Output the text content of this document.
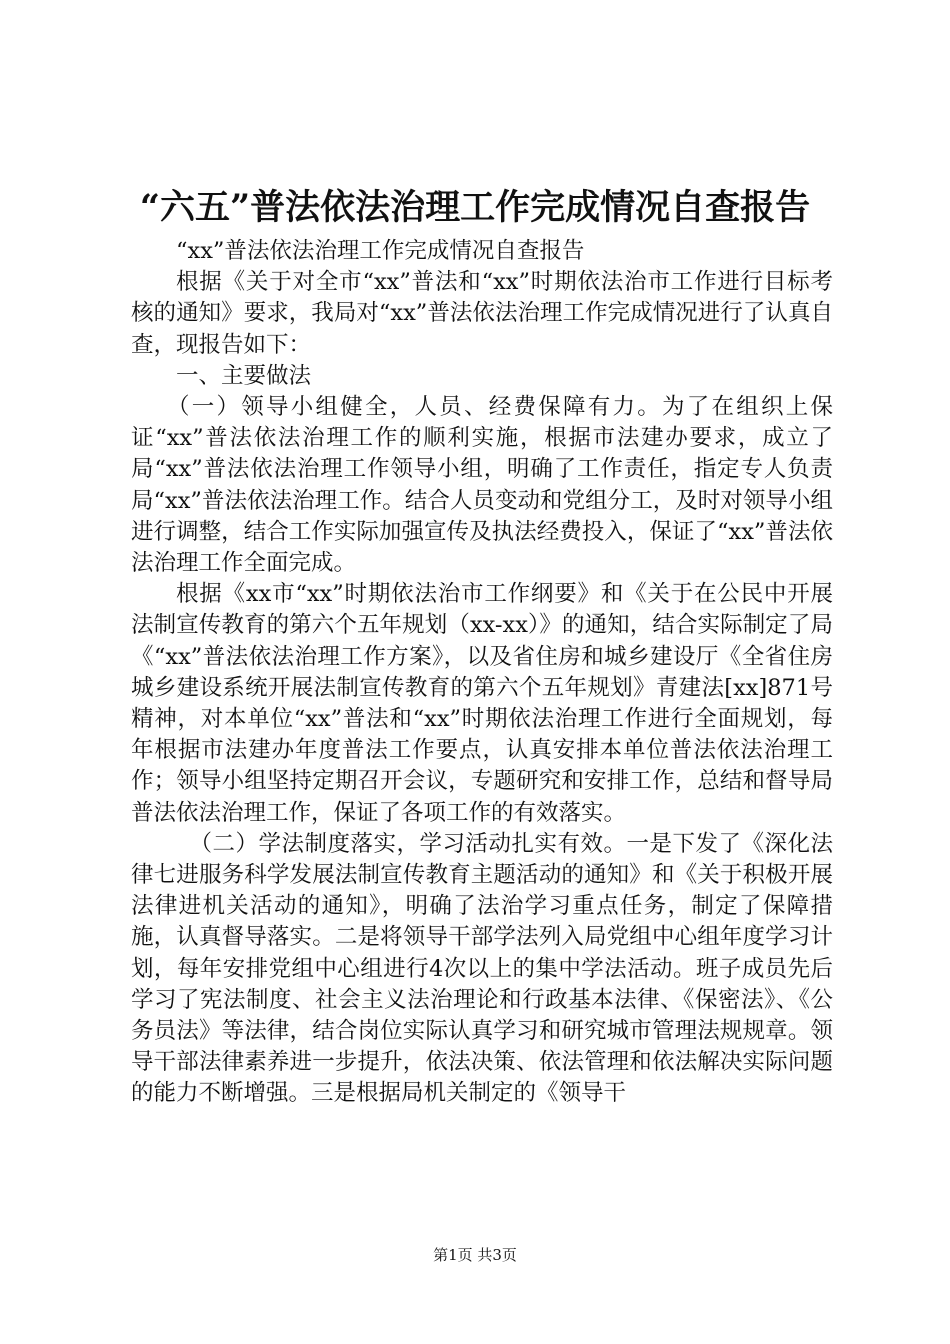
“六五”普法依法治理工作完成情况自查报告

“xx”普法依法治理工作完成情况自查报告

根据《关于对全市“xx”普法和“xx”时期依法治市工作进行目标考核的通知》要求，我局对“xx”普法依法治理工作完成情况进行了认真自查，现报告如下：

一、主要做法

（一）领导小组健全，人员、经费保障有力。为了在组织上保证“xx”普法依法治理工作的顺利实施，根据市法建办要求，成立了局“xx”普法依法治理工作领导小组，明确了工作责任，指定专人负责局“xx”普法依法治理工作。结合人员变动和党组分工，及时对领导小组进行调整，结合工作实际加强宣传及执法经费投入，保证了“xx”普法依法治理工作全面完成。

根据《xx市“xx”时期依法治市工作纲要》和《关于在公民中开展法制宣传教育的第六个五年规划（xx-xx）》的通知，结合实际制定了局《“xx”普法依法治理工作方案》，以及省住房和城乡建设厅《全省住房城乡建设系统开展法制宣传教育的第六个五年规划》青建法[xx]871号精神，对本单位“xx”普法和“xx”时期依法治理工作进行全面规划，每年根据市法建办年度普法工作要点，认真安排本单位普法依法治理工作；领导小组坚持定期召开会议，专题研究和安排工作，总结和督导局普法依法治理工作，保证了各项工作的有效落实。

（二）学法制度落实，学习活动扎实有效。一是下发了《深化法律七进服务科学发展法制宣传教育主题活动的通知》和《关于积极开展法律进机关活动的通知》，明确了法治学习重点任务，制定了保障措施，认真督导落实。二是将领导干部学法列入局党组中心组年度学习计划，每年安排党组中心组进行4次以上的集中学法活动。班子成员先后学习了宪法制度、社会主义法治理论和行政基本法律、《保密法》、《公务员法》等法律，结合岗位实际认真学习和研究城市管理法规规章。领导干部法律素养进一步提升，依法决策、依法管理和依法解决实际问题的能力不断增强。三是根据局机关制定的《领导干

第1页 共3页
